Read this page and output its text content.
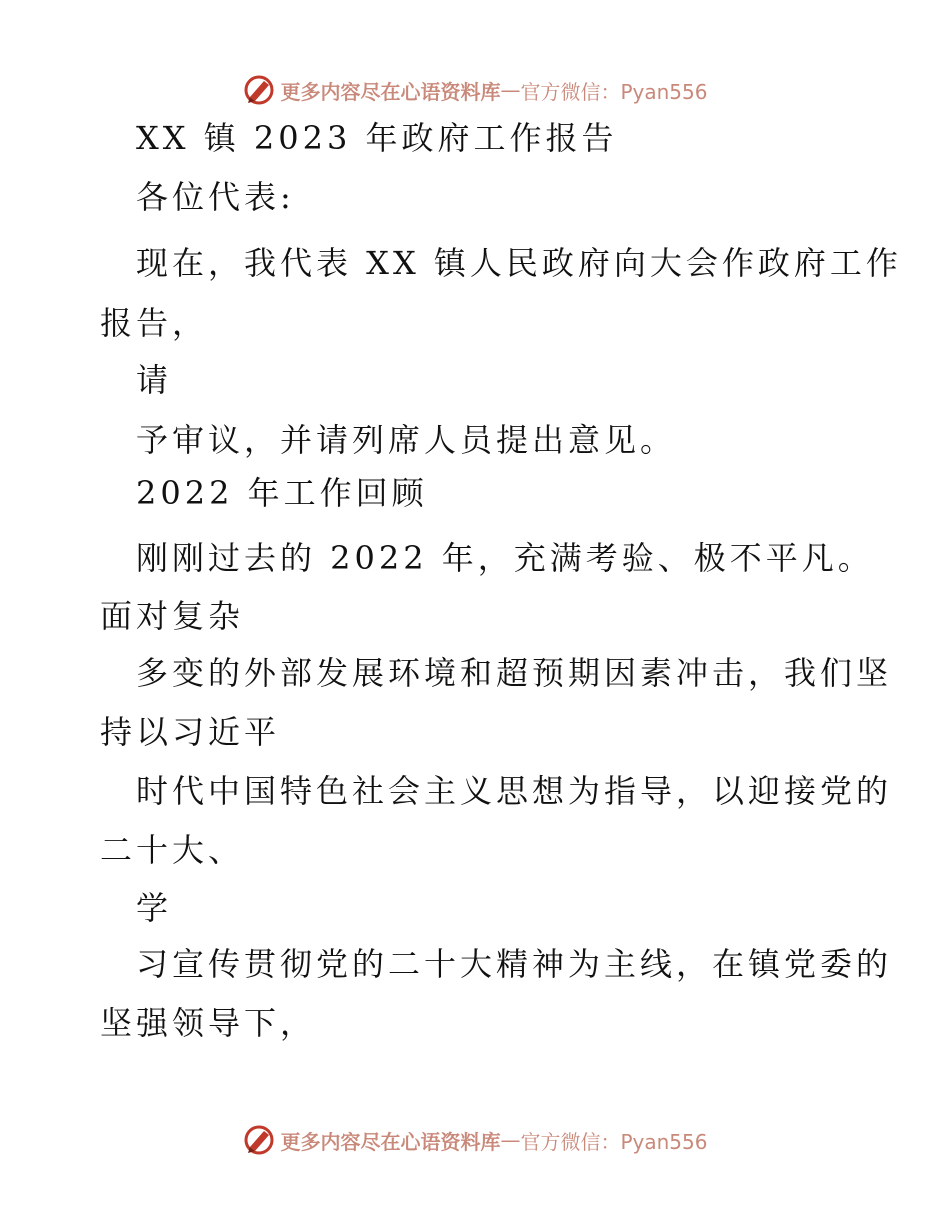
更多内容尽在心语资料库 — 官方微信：Pyan556
XX 镇 2023 年政府工作报告
各位代表:
现在，我代表 XX 镇人民政府向大会作政府工作
报告，
请
予审议，并请列席人员提出意见。
2022 年工作回顾
刚刚过去的 2022 年，充满考验、极不平凡。
面对复杂
多变的外部发展环境和超预期因素冲击，我们坚
持以习近平
时代中国特色社会主义思想为指导，以迎接党的
二十大、
学
习宣传贯彻党的二十大精神为主线，在镇党委的
坚强领导下，
更多内容尽在心语资料库 — 官方微信：Pyan556
